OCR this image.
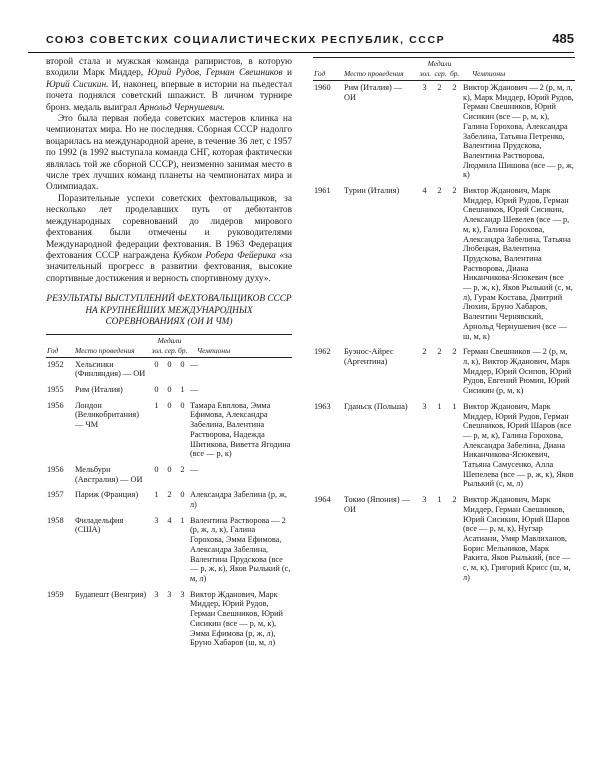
СОЮЗ СОВЕТСКИХ СОЦИАЛИСТИЧЕСКИХ РЕСПУБЛИК, СССР	485

второй стала и мужская команда рапиристов, в которую входили Марк Миддер, Юрий Рудов, Герман Свешников и Юрий Сисикин. И, наконец, впервые в истории на пьедестал почета поднялся советский шпажист. В личном турнире бронз. медаль выиграл Арнольд Чернушевич.

Это была первая победа советских мастеров клинка на чемпионатах мира. Но не последняя. Сборная СССР надолго воцарилась на международной арене, в течение 36 лет, с 1957 по 1992 (в 1992 выступала команда СНГ, которая фактически являлась той же сборной СССР), неизменно занимая место в числе трех лучших команд планеты на чемпионатах мира и Олимпиадах.

Поразительные успехи советских фехтовальщиков, за несколько лет проделавших путь от дебютантов международных соревнований до лидеров мирового фехтования были отмечены и руководителями Международной федерации фехтования. В 1963 Федерация фехтования СССР награждена Кубком Робера Фейерика «за значительный прогресс в развитии фехтования, высокие спортивные достижения и верность спортивному духу».

РЕЗУЛЬТАТЫ ВЫСТУПЛЕНИЙ ФЕХТОВАЛЬЩИКОВ СССР НА КРУПНЕЙШИХ МЕЖДУНАРОДНЫХ СОРЕВНОВАНИЯХ (ОИ И ЧМ)
Год	Место проведения	Медали
зол. сер. бр.			Чемпионы
1952	Хельсинки (Финляндия) — ОИ	0	0	0	—
1955	Рим (Италия)	0	0	1	—
1956	Лондон (Великобритания) — ЧМ	1	0	0	Тамара Евплова, Эмма Ефимова, Александра Забелина, Валентина Растворова, Надежда Шитикова, Виветта Ягодина (все — р, к)
1956	Мельбурн (Австралия) — ОИ	0	0	2	—
1957	Париж (Франция)	1	2	0	Александра Забелина (р, ж, л)
1958	Филадельфия (США)	3	4	1	Валентина Растворова — 2 (р, ж, л, к), Галина Горохова, Эмма Ефимова, Александра Забелина, Валентина Прудскова (все — р, ж, к), Яков Рылький (с, м, л)
1959	Будапешт (Венгрия)	3	3	3	Виктор Жданович, Марк Миддер, Юрий Рудов, Герман Свешников, Юрий Сисикин (все — р, м, к), Эмма Ефимова (р, ж, л), Бруно Хабаров (ш, м, л)
Год	Место проведения	Медали
зол. сер. бр.			Чемпионы
1960	Рим (Италия) — ОИ	3	2	2	Виктор Жданович — 2 (р, м, л, к), Марк Миддер, Юрий Рудов, Герман Свешников, Юрий Сисикин (все — р, м, к), Галина Горохова, Александра Забелина, Татьяна Петренко, Валентина Прудскова, Валентина Растворова, Людмила Шишова (все — р, ж, к)
1961	Турин (Италия)	4	2	2	Виктор Жданович, Марк Миддер, Юрий Рудов, Герман Свешников, Юрий Сисикин, Александр Шевелев (все — р, м, к), Галина Горохова, Александра Забелина, Татьяна Любецкая, Валентина Прудскова, Валентина Растворова, Диана Никанчикова-Ясюкевич (все — р, ж, к), Яков Рылький (с, м, л), Гурам Костава, Дмитрий Люхин, Бруно Хабаров, Валентин Чернявский, Арнольд Чернушевич (все — ш, м, к)
1962	Буэнос-Айрес (Аргентина)	2	2	2	Герман Свешников — 2 (р, м, л, к), Виктор Жданович, Марк Миддер, Юрий Осипов, Юрий Рудов, Евгений Рюмин, Юрий Сисикин (р, м, к)
1963	Гданьск (Польша)	3	1	1	Виктор Жданович, Марк Миддер, Юрий Рудов, Герман Свешников, Юрий Шаров (все — р, м, к), Галина Горохова, Александра Забелина, Диана Никанчикова-Ясюкевич, Татьяна Самусенко, Алла Шепелева (все — р, ж, к), Яков Рылький (с, м, л)
1964	Токио (Япония) — ОИ	3	1	2	Виктор Жданович, Марк Миддер, Герман Свешников, Юрий Сисикин, Юрий Шаров (все — р, м, к), Нугзар Асатиани, Умяр Мавлиханов, Борис Мельников, Марк Ракита, Яков Рылький, (все — с, м, к), Григорий Крисс (ш, м, л)
